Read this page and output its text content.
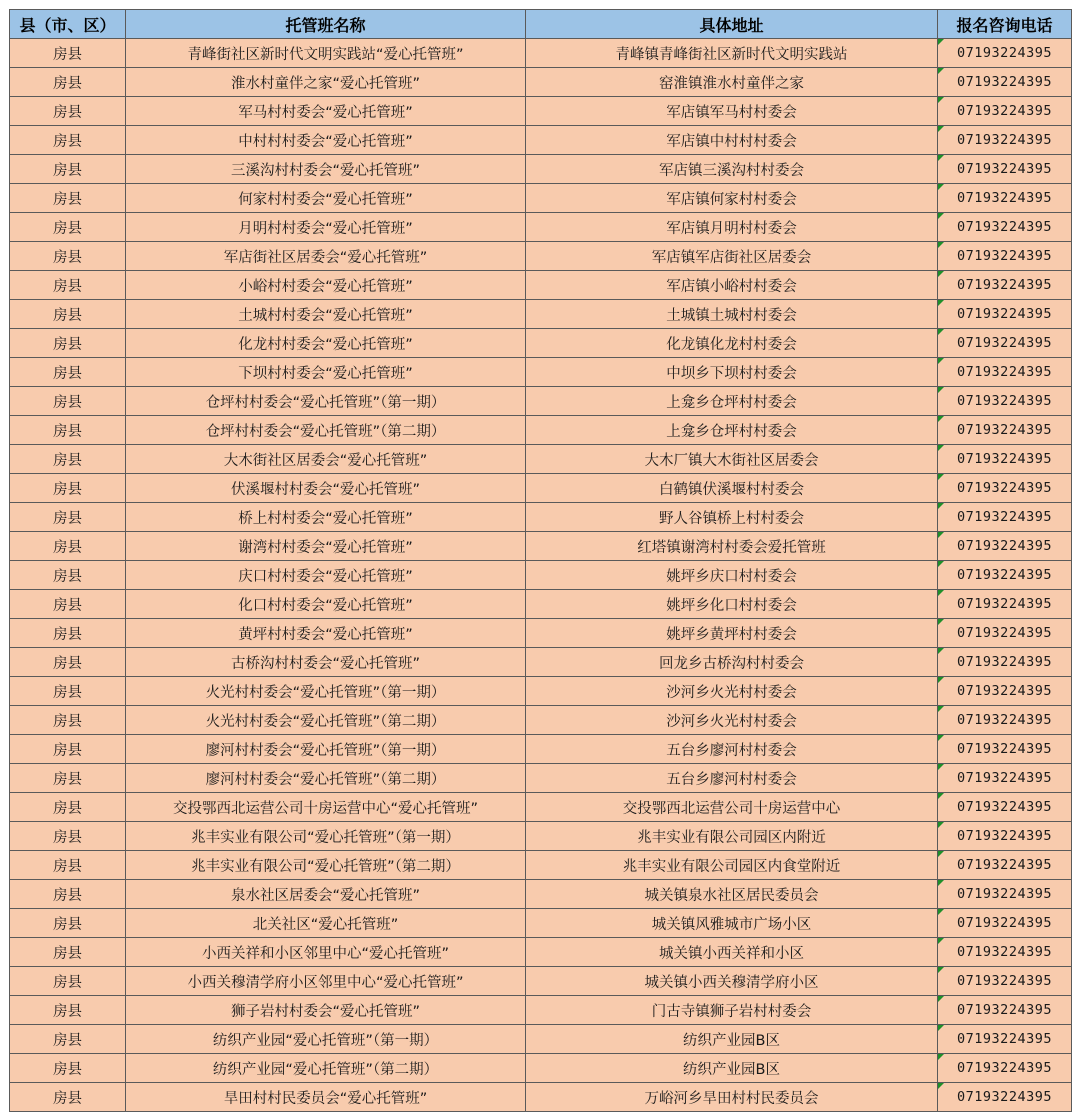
县（市、区）	托管班名称	具体地址	报名咨询电话
房县	青峰街社区新时代文明实践站“爱心托管班”	青峰镇青峰街社区新时代文明实践站	07193224395
房县	淮水村童伴之家“爱心托管班”	窑淮镇淮水村童伴之家	07193224395
房县	军马村村委会“爱心托管班”	军店镇军马村村委会	07193224395
房县	中村村村委会“爱心托管班”	军店镇中村村村委会	07193224395
房县	三溪沟村村委会“爱心托管班”	军店镇三溪沟村村委会	07193224395
房县	何家村村委会“爱心托管班”	军店镇何家村村委会	07193224395
房县	月明村村委会“爱心托管班”	军店镇月明村村委会	07193224395
房县	军店街社区居委会“爱心托管班”	军店镇军店街社区居委会	07193224395
房县	小峪村村委会“爱心托管班”	军店镇小峪村村委会	07193224395
房县	土城村村委会“爱心托管班”	土城镇土城村村委会	07193224395
房县	化龙村村委会“爱心托管班”	化龙镇化龙村村委会	07193224395
房县	下坝村村委会“爱心托管班”	中坝乡下坝村村委会	07193224395
房县	仓坪村村委会“爱心托管班”（第一期）	上龛乡仓坪村村委会	07193224395
房县	仓坪村村委会“爱心托管班”（第二期）	上龛乡仓坪村村委会	07193224395
房县	大木街社区居委会“爱心托管班”	大木厂镇大木街社区居委会	07193224395
房县	伏溪堰村村委会“爱心托管班”	白鹤镇伏溪堰村村委会	07193224395
房县	桥上村村委会“爱心托管班”	野人谷镇桥上村村委会	07193224395
房县	谢湾村村委会“爱心托管班”	红塔镇谢湾村村委会爱托管班	07193224395
房县	庆口村村委会“爱心托管班”	姚坪乡庆口村村委会	07193224395
房县	化口村村委会“爱心托管班”	姚坪乡化口村村委会	07193224395
房县	黄坪村村委会“爱心托管班”	姚坪乡黄坪村村委会	07193224395
房县	古桥沟村村委会“爱心托管班”	回龙乡古桥沟村村委会	07193224395
房县	火光村村委会“爱心托管班”（第一期）	沙河乡火光村村委会	07193224395
房县	火光村村委会“爱心托管班”（第二期）	沙河乡火光村村委会	07193224395
房县	廖河村村委会“爱心托管班”（第一期）	五台乡廖河村村委会	07193224395
房县	廖河村村委会“爱心托管班”（第二期）	五台乡廖河村村委会	07193224395
房县	交投鄂西北运营公司十房运营中心“爱心托管班”	交投鄂西北运营公司十房运营中心	07193224395
房县	兆丰实业有限公司“爱心托管班”（第一期）	兆丰实业有限公司园区内附近	07193224395
房县	兆丰实业有限公司“爱心托管班”（第二期）	兆丰实业有限公司园区内食堂附近	07193224395
房县	泉水社区居委会“爱心托管班”	城关镇泉水社区居民委员会	07193224395
房县	北关社区“爱心托管班”	城关镇风雅城市广场小区	07193224395
房县	小西关祥和小区邻里中心“爱心托管班”	城关镇小西关祥和小区	07193224395
房县	小西关穆清学府小区邻里中心“爱心托管班”	城关镇小西关穆清学府小区	07193224395
房县	狮子岩村村委会“爱心托管班”	门古寺镇狮子岩村村委会	07193224395
房县	纺织产业园“爱心托管班”（第一期）	纺织产业园B区	07193224395
房县	纺织产业园“爱心托管班”（第二期）	纺织产业园B区	07193224395
房县	旱田村村民委员会“爱心托管班”	万峪河乡旱田村村民委员会	07193224395
